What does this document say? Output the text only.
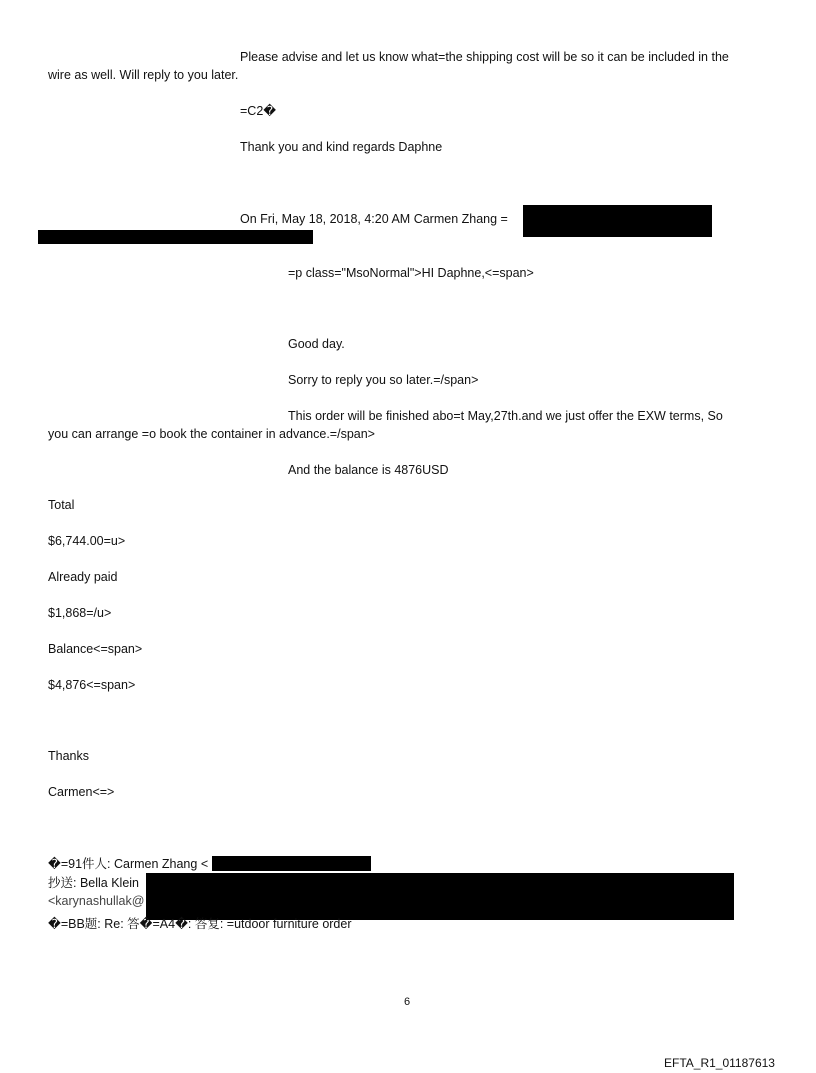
Please advise and let us know what=the shipping cost will be so it can be included in the
wire as well. Will reply to you later.
=C2�
Thank you and kind regards Daphne
On Fri, May 18, 2018, 4:20 AM Carmen Zhang =
=p class="MsoNormal">HI Daphne,<=span>
Good day.
Sorry to reply you so later.=/span>
This order will be finished abo=t May,27th.and we just offer the EXW terms, So
you can arrange =o book the container in advance.=/span>
And the balance is 4876USD
Total
$6,744.00=u>
Already paid
$1,868=/u>
Balance<=span>
$4,876<=span>
Thanks
Carmen<=>
�=91件人: Carmen Zhang <
抄送: Bella Klein
<karynashullak@
�=BB题: Re: 答�=A4�: 答复: =utdoor furniture order
6
EFTA_R1_01187613
